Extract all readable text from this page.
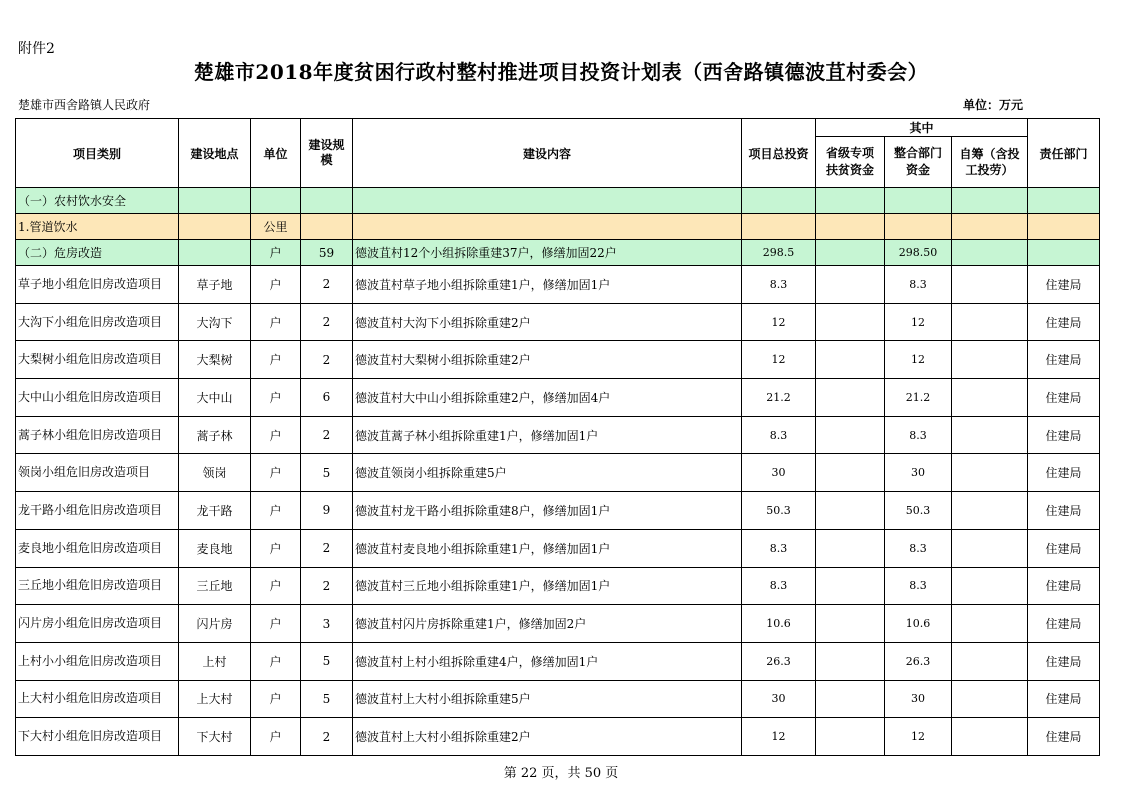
附件2
楚雄市2018年度贫困行政村整村推进项目投资计划表（西舍路镇德波苴村委会）
楚雄市西舍路镇人民政府	单位：万元
项目类别	建设地点	单位	建设规模	建设内容	项目总投资	其中			责任部门
						省级专项扶贫资金	整合部门资金	自筹（含投工投劳）	
（一）农村饮水安全									
1.管道饮水		公里							
（二）危房改造		户	59	德波苴村12个小组拆除重建37户，修缮加固22户	298.5		298.50		
草子地小组危旧房改造项目	草子地	户	2	德波苴村草子地小组拆除重建1户，修缮加固1户	8.3		8.3		住建局
大沟下小组危旧房改造项目	大沟下	户	2	德波苴村大沟下小组拆除重建2户	12		12		住建局
大梨树小组危旧房改造项目	大梨树	户	2	德波苴村大梨树小组拆除重建2户	12		12		住建局
大中山小组危旧房改造项目	大中山	户	6	德波苴村大中山小组拆除重建2户，修缮加固4户	21.2		21.2		住建局
蒿子林小组危旧房改造项目	蒿子林	户	2	德波苴蒿子林小组拆除重建1户，修缮加固1户	8.3		8.3		住建局
领岗小组危旧房改造项目	领岗	户	5	德波苴领岗小组拆除重建5户	30		30		住建局
龙干路小组危旧房改造项目	龙干路	户	9	德波苴村龙干路小组拆除重建8户，修缮加固1户	50.3		50.3		住建局
麦良地小组危旧房改造项目	麦良地	户	2	德波苴村麦良地小组拆除重建1户，修缮加固1户	8.3		8.3		住建局
三丘地小组危旧房改造项目	三丘地	户	2	德波苴村三丘地小组拆除重建1户，修缮加固1户	8.3		8.3		住建局
闪片房小组危旧房改造项目	闪片房	户	3	德波苴村闪片房拆除重建1户，修缮加固2户	10.6		10.6		住建局
上村小小组危旧房改造项目	上村	户	5	德波苴村上村小组拆除重建4户，修缮加固1户	26.3		26.3		住建局
上大村小组危旧房改造项目	上大村	户	5	德波苴村上大村小组拆除重建5户	30		30		住建局
下大村小组危旧房改造项目	下大村	户	2	德波苴村上大村小组拆除重建2户	12		12		住建局
第 22 页，共 50 页
